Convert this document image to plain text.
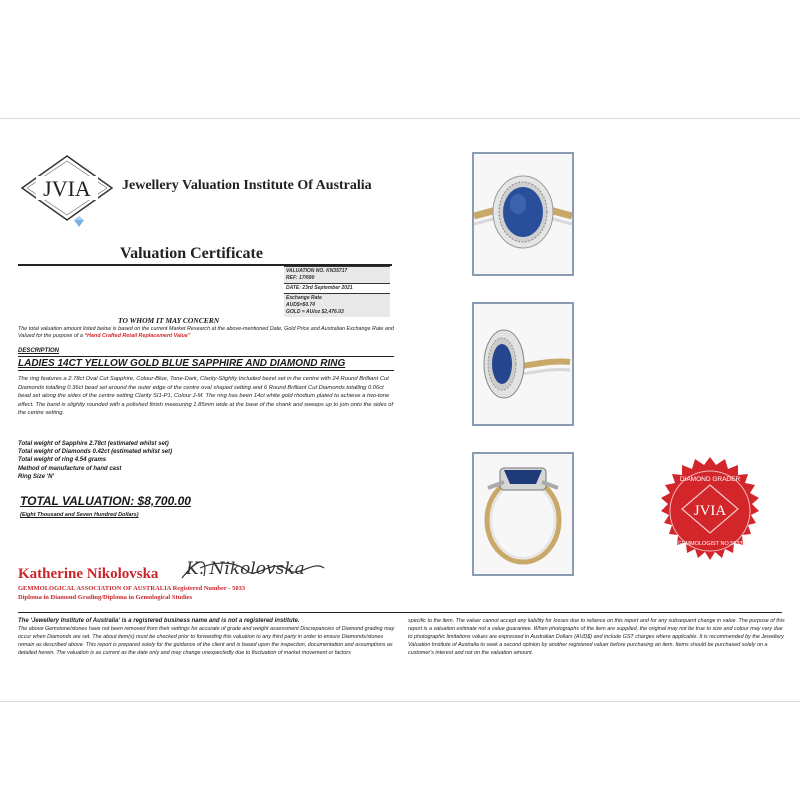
JVIA Jewellery Valuation Institute Of Australia
Valuation Certificate
VALUATION NO. KN35717
REF: 17/690
DATE: 23rd September 2021
Exchange Rate
AUD$=$0.74
GOLD = AU/oz $2,476.03
TO WHOM IT MAY CONCERN
The total valuation amount listed below is based on the current Market Research at the above-mentioned Date, Gold Price and Australian Exchange Rate and Valued for the purpose of a “Hand Crafted Retail Replacement Value”
DESCRIPTION
LADIES 14CT YELLOW GOLD BLUE SAPPHIRE AND DIAMOND RING
The ring features a 2.78ct Oval Cut Sapphire, Colour-Blue, Tone-Dark, Clarity-Slightly Included bezel set in the centre with 24 Round Brilliant Cut Diamonds totalling 0.36ct bead set around the outer edge of the centre oval shaped setting and 6 Round Brilliant Cut Diamonds totalling 0.06ct bead set along the sides of the centre setting Clarity SI1-P1, Colour J-M. The ring has been 14ct white gold rhodium plated to achieve a two-tone effect. The band is slightly rounded with a polished finish measuring 1.85mm wide at the base of the shank and sweeps up to join onto the sides of the centre setting.
Total weight of Sapphire 2.78ct (estimated whilst set)
Total weight of Diamonds 0.42ct (estimated whilst set)
Total weight of ring 4.54 grams
Method of manufacture of hand cast
Ring Size 'N'
TOTAL VALUATION: $8,700.00
(Eight Thousand and Seven Hundred Dollars)
Katherine Nikolovska K. Nikolovska
GEMMOLOGICAL ASSOCIATION OF AUSTRALIA Registered Number - 5033
Diploma in Diamond Grading/Diploma in Gemological Studies
The ‘Jewellery Institute of Australia’ is a registered business name and is not a registered institute.
The above Gemstone/stones have not been removed from their settings for accurate of grade and weight assessment Discrepancies of Diamond grading may occur when Diamonds are set. The about item(s) must be checked prior to forwarding this valuation to any third party in order to ensure Diamonds/stones remain as described above. This report is prepared solely for the guidance of the client and is based upon the inspection, documentation and assumptions as detailed herein. The valuation is as current as the date only and may change unexpectedly due to fluctuation of market movement or factors
specific to the item. The valuer cannot accept any liability for losses due to reliance on this report and for any subsequent change in value. The purpose of this report is a valuation estimate not a value guarantee. When photographs of the item are supplied, the original may not be true to size and colour may vary due to photographic limitations values are expressed in Australian Dollars (AUD$) and include GST charges where applicable. It is recommended by the Jewellery Valuation Institute of Australia to seek a second opinion by another registered valuer before purchasing an item. Items should be purchased solely on a customer's interest and not on the valuation amount.
JVIA
DIAMOND GRADER
GEMMOLOGIST NO.5033
